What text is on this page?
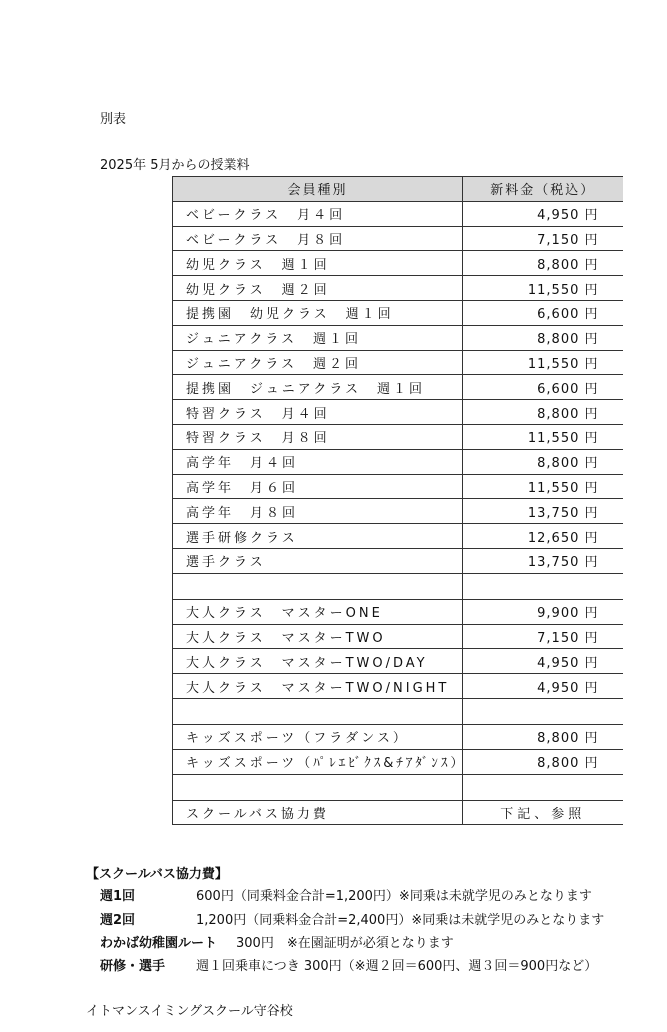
別表
2025年 5月からの授業料
会員種別	新料金（税込）
ベビークラス　月４回	4,950 円
ベビークラス　月８回	7,150 円
幼児クラス　週１回	8,800 円
幼児クラス　週２回	11,550 円
提携園　幼児クラス　週１回	6,600 円
ジュニアクラス　週１回	8,800 円
ジュニアクラス　週２回	11,550 円
提携園　ジュニアクラス　週１回	6,600 円
特習クラス　月４回	8,800 円
特習クラス　月８回	11,550 円
高学年　月４回	8,800 円
高学年　月６回	11,550 円
高学年　月８回	13,750 円
選手研修クラス	12,650 円
選手クラス	13,750 円

大人クラス　マスターONE	9,900 円
大人クラス　マスターTWO	7,150 円
大人クラス　マスターTWO/DAY	4,950 円
大人クラス　マスターTWO/NIGHT	4,950 円

キッズスポーツ（フラダンス）	8,800 円
キッズスポーツ（ﾊﾟﾚｴﾋﾞｸｽ&ﾁｱﾀﾞﾝｽ）	8,800 円

スクールバス協力費	下記、参照
【スクールバス協力費】
週1回	600円（同乗料金合計=1,200円）※同乗は未就学児のみとなります
週2回	1,200円（同乗料金合計=2,400円）※同乗は未就学児のみとなります
わかば幼稚園ルート 300円　※在園証明が必須となります
研修・選手 週１回乗車につき 300円（※週２回＝600円、週３回＝900円など）
イトマンスイミングスクール守谷校
